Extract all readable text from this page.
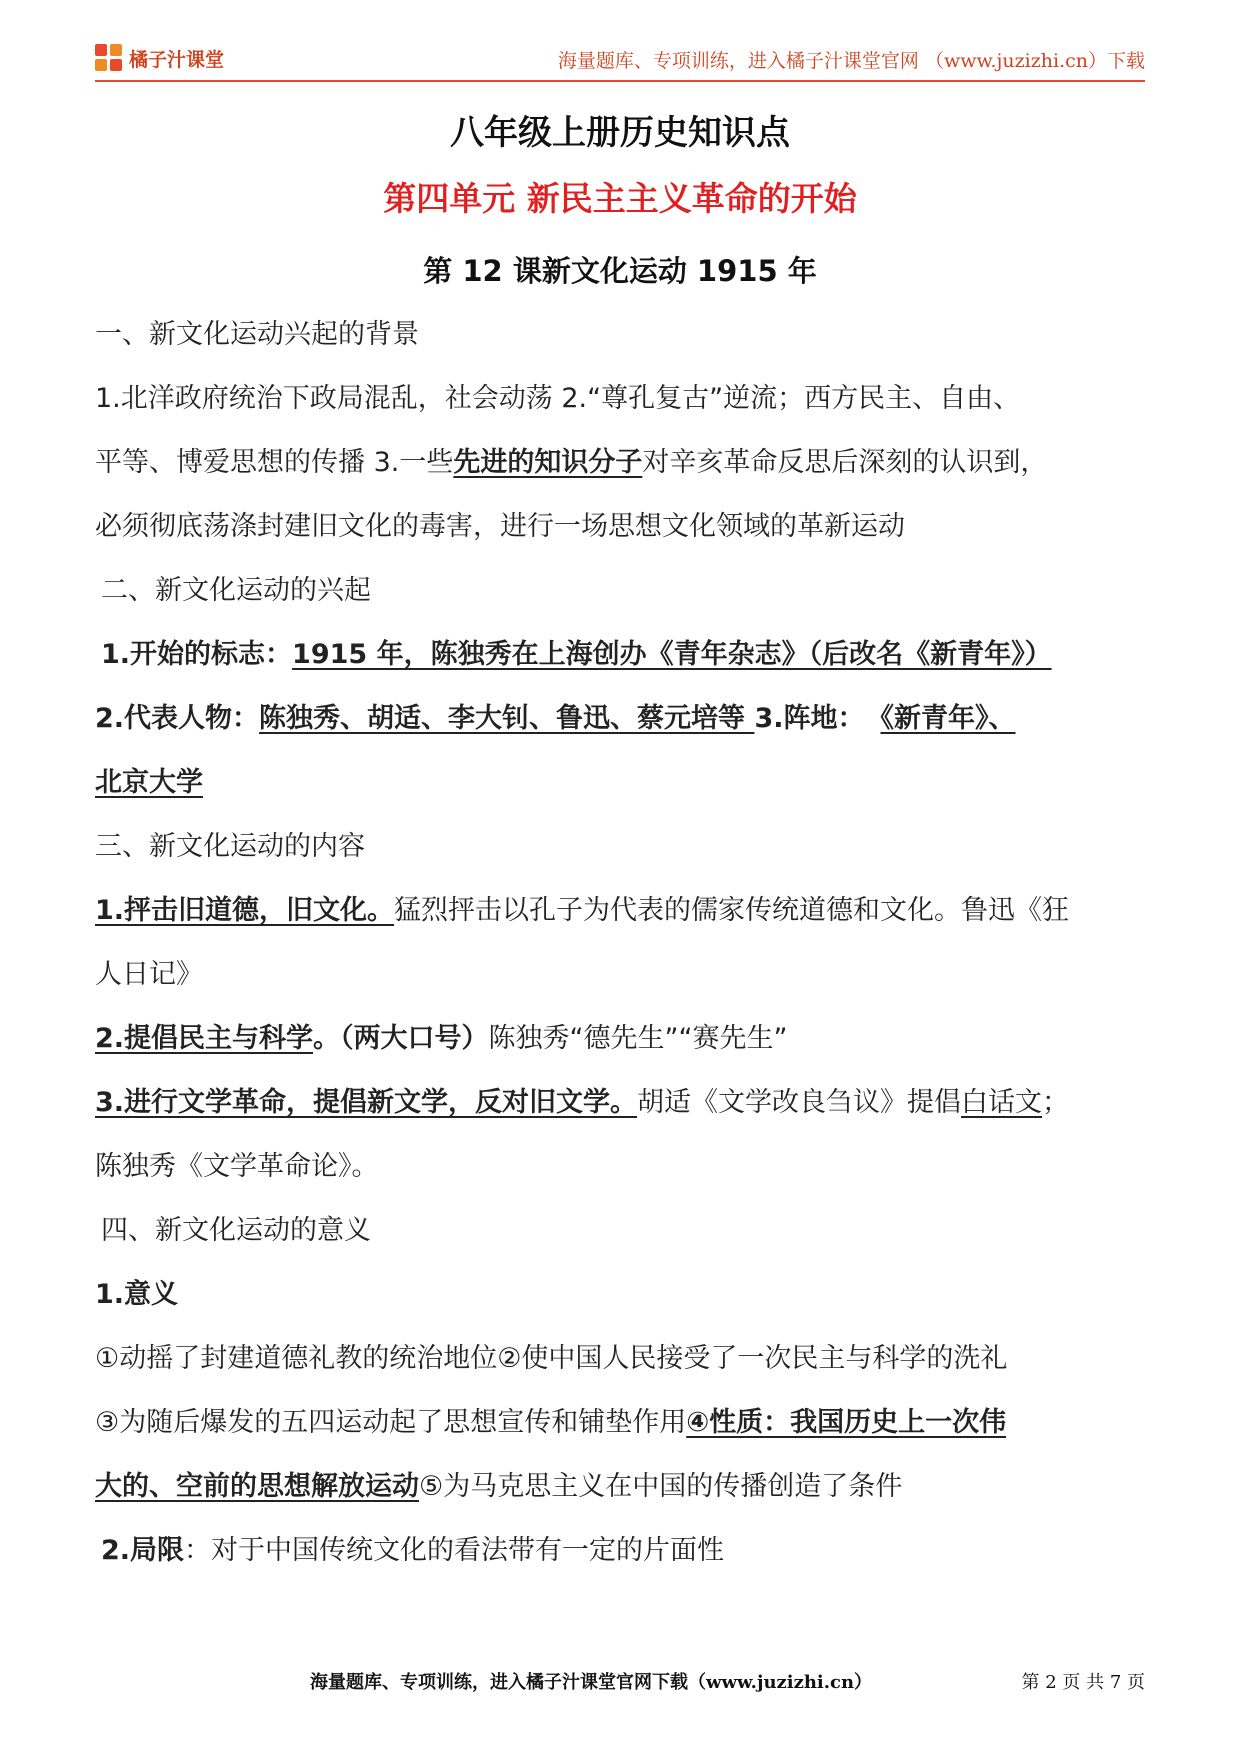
橘子汁课堂	海量题库、专项训练，进入橘子汁课堂官网 （www.juzizhi.cn）下载
八年级上册历史知识点
第四单元 新民主主义革命的开始
第 12 课新文化运动 1915 年
一、新文化运动兴起的背景
1.北洋政府统治下政局混乱，社会动荡 2.“尊孔复古”逆流；西方民主、自由、
平等、博爱思想的传播 3.一些先进的知识分子对辛亥革命反思后深刻的认识到，
必须彻底荡涤封建旧文化的毒害，进行一场思想文化领域的革新运动
二、新文化运动的兴起
1.开始的标志：1915 年，陈独秀在上海创办《青年杂志》（后改名《新青年》）
2.代表人物：陈独秀、胡适、李大钊、鲁迅、蔡元培等 3.阵地： 《新青年》、
北京大学
三、新文化运动的内容
1.抨击旧道德，旧文化。猛烈抨击以孔子为代表的儒家传统道德和文化。鲁迅《狂
人日记》
2.提倡民主与科学。（两大口号）陈独秀“德先生”“赛先生”
3.进行文学革命，提倡新文学，反对旧文学。胡适《文学改良刍议》提倡白话文；
陈独秀《文学革命论》。
四、新文化运动的意义
1.意义
①动摇了封建道德礼教的统治地位②使中国人民接受了一次民主与科学的洗礼
③为随后爆发的五四运动起了思想宣传和铺垫作用④性质：我国历史上一次伟
大的、空前的思想解放运动⑤为马克思主义在中国的传播创造了条件
2.局限：对于中国传统文化的看法带有一定的片面性
海量题库、专项训练，进入橘子汁课堂官网下载（www.juzizhi.cn）	第 2 页 共 7 页
